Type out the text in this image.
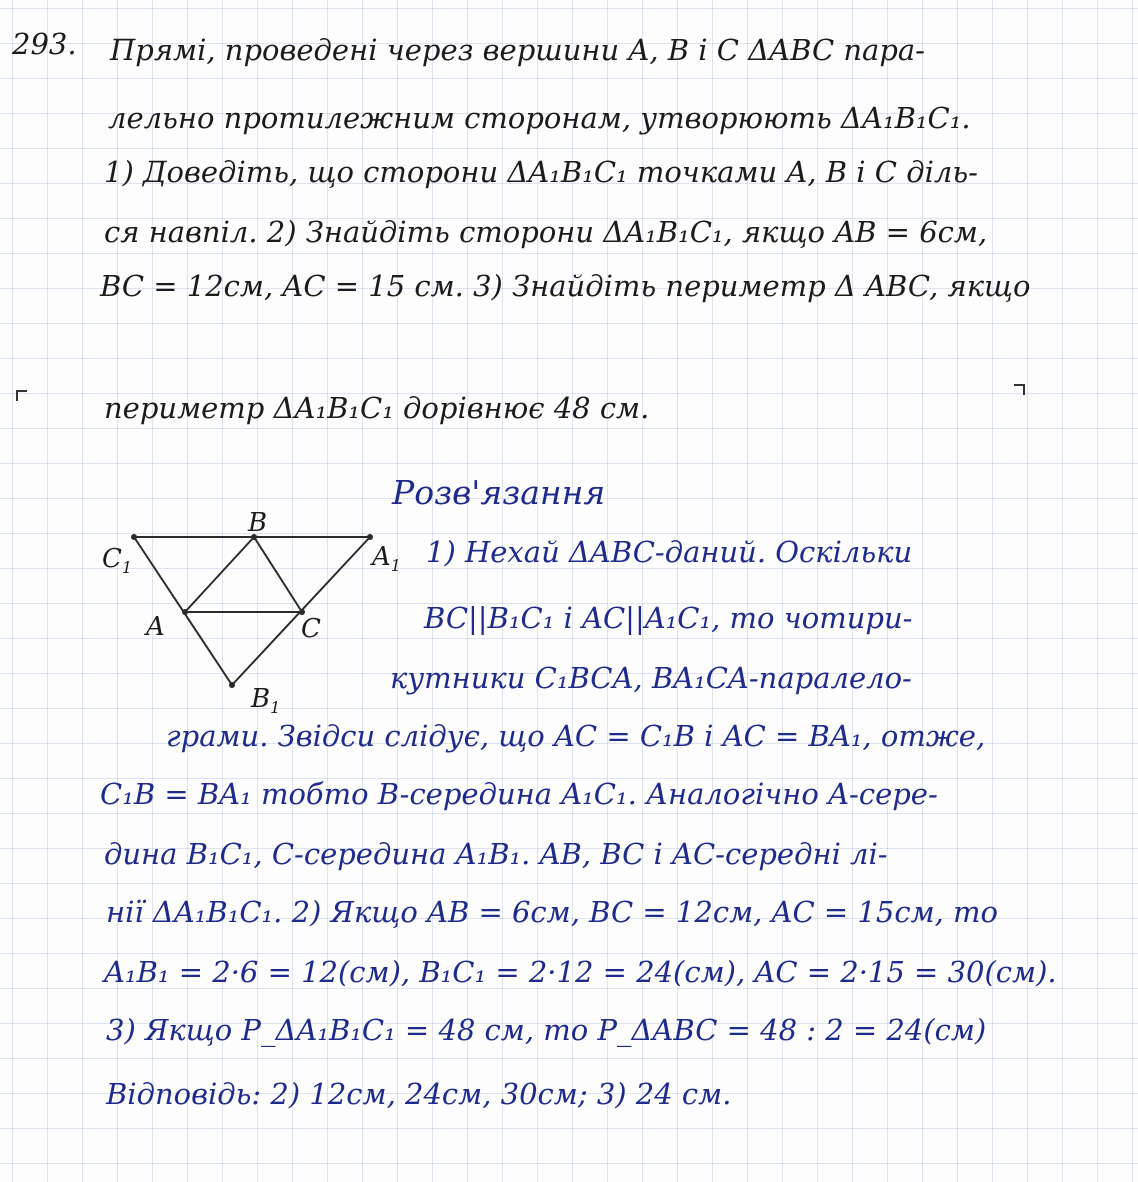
293. Прямі, проведені через вершини A, B і C ΔABC пара-

лельно протилежним сторонам, утворюють ΔA₁B₁C₁.

1) Доведіть, що сторони ΔA₁B₁C₁ точками A, B і C діль-

ся навпіл. 2) Знайдіть сторони ΔA₁B₁C₁, якщо AB = 6см,

BC = 12см, AC = 15 см. 3) Знайдіть периметр Δ ABC, якщо

периметр ΔA₁B₁C₁ дорівнює 48 см.

Розв'язання

$C_1$
B
$A_1$
A	C
$B_1$

1) Нехай ΔABC-даний. Оскільки

BC||B₁C₁ і AC||A₁C₁, то чотири-

кутники C₁BCA, BA₁CA-паралело-

грами. Звідси слідує, що AC = C₁B і AC = BA₁, отже,

C₁B = BA₁ тобто B-середина A₁C₁. Аналогічно A-сере-

дина B₁C₁, C-середина A₁B₁. AB, BC і AC-середні лі-

нії ΔA₁B₁C₁. 2) Якщо AB = 6см, BC = 12см, AC = 15см, то

A₁B₁ = 2·6 = 12(см), B₁C₁ = 2·12 = 24(см), AC = 2·15 = 30(см).

3) Якщо P_ΔA₁B₁C₁ = 48 см, то P_ΔABC = 48 : 2 = 24(см)

Відповідь: 2) 12см, 24см, 30см; 3) 24 см.
